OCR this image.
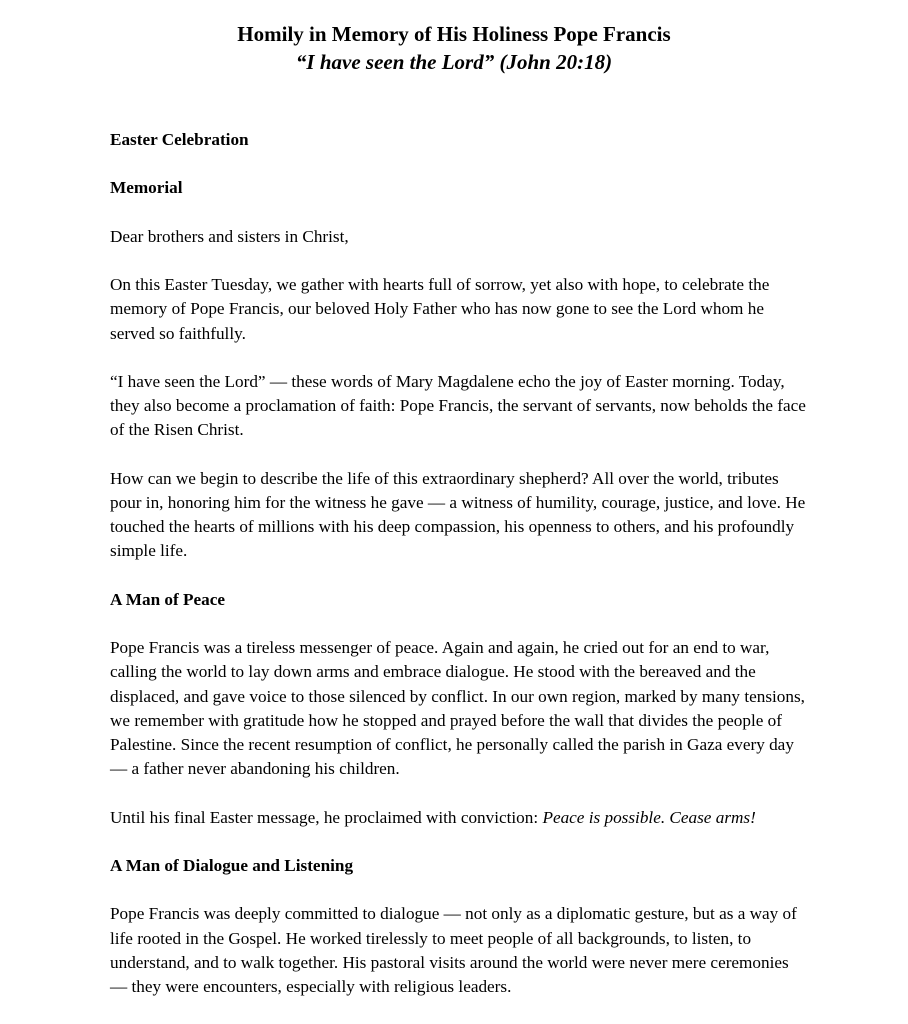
Homily in Memory of His Holiness Pope Francis
“I have seen the Lord” (John 20:18)
Easter Celebration
Memorial

Dear brothers and sisters in Christ,

On this Easter Tuesday, we gather with hearts full of sorrow, yet also with hope, to celebrate the memory of Pope Francis, our beloved Holy Father who has now gone to see the Lord whom he served so faithfully.

“I have seen the Lord” — these words of Mary Magdalene echo the joy of Easter morning. Today, they also become a proclamation of faith: Pope Francis, the servant of servants, now beholds the face of the Risen Christ.

How can we begin to describe the life of this extraordinary shepherd? All over the world, tributes pour in, honoring him for the witness he gave — a witness of humility, courage, justice, and love. He touched the hearts of millions with his deep compassion, his openness to others, and his profoundly simple life.

A Man of Peace

Pope Francis was a tireless messenger of peace. Again and again, he cried out for an end to war, calling the world to lay down arms and embrace dialogue. He stood with the bereaved and the displaced, and gave voice to those silenced by conflict. In our own region, marked by many tensions, we remember with gratitude how he stopped and prayed before the wall that divides the people of Palestine. Since the recent resumption of conflict, he personally called the parish in Gaza every day — a father never abandoning his children.

Until his final Easter message, he proclaimed with conviction: Peace is possible. Cease arms!

A Man of Dialogue and Listening

Pope Francis was deeply committed to dialogue — not only as a diplomatic gesture, but as a way of life rooted in the Gospel. He worked tirelessly to meet people of all backgrounds, to listen, to understand, and to walk together. His pastoral visits around the world were never mere ceremonies — they were encounters, especially with religious leaders.
